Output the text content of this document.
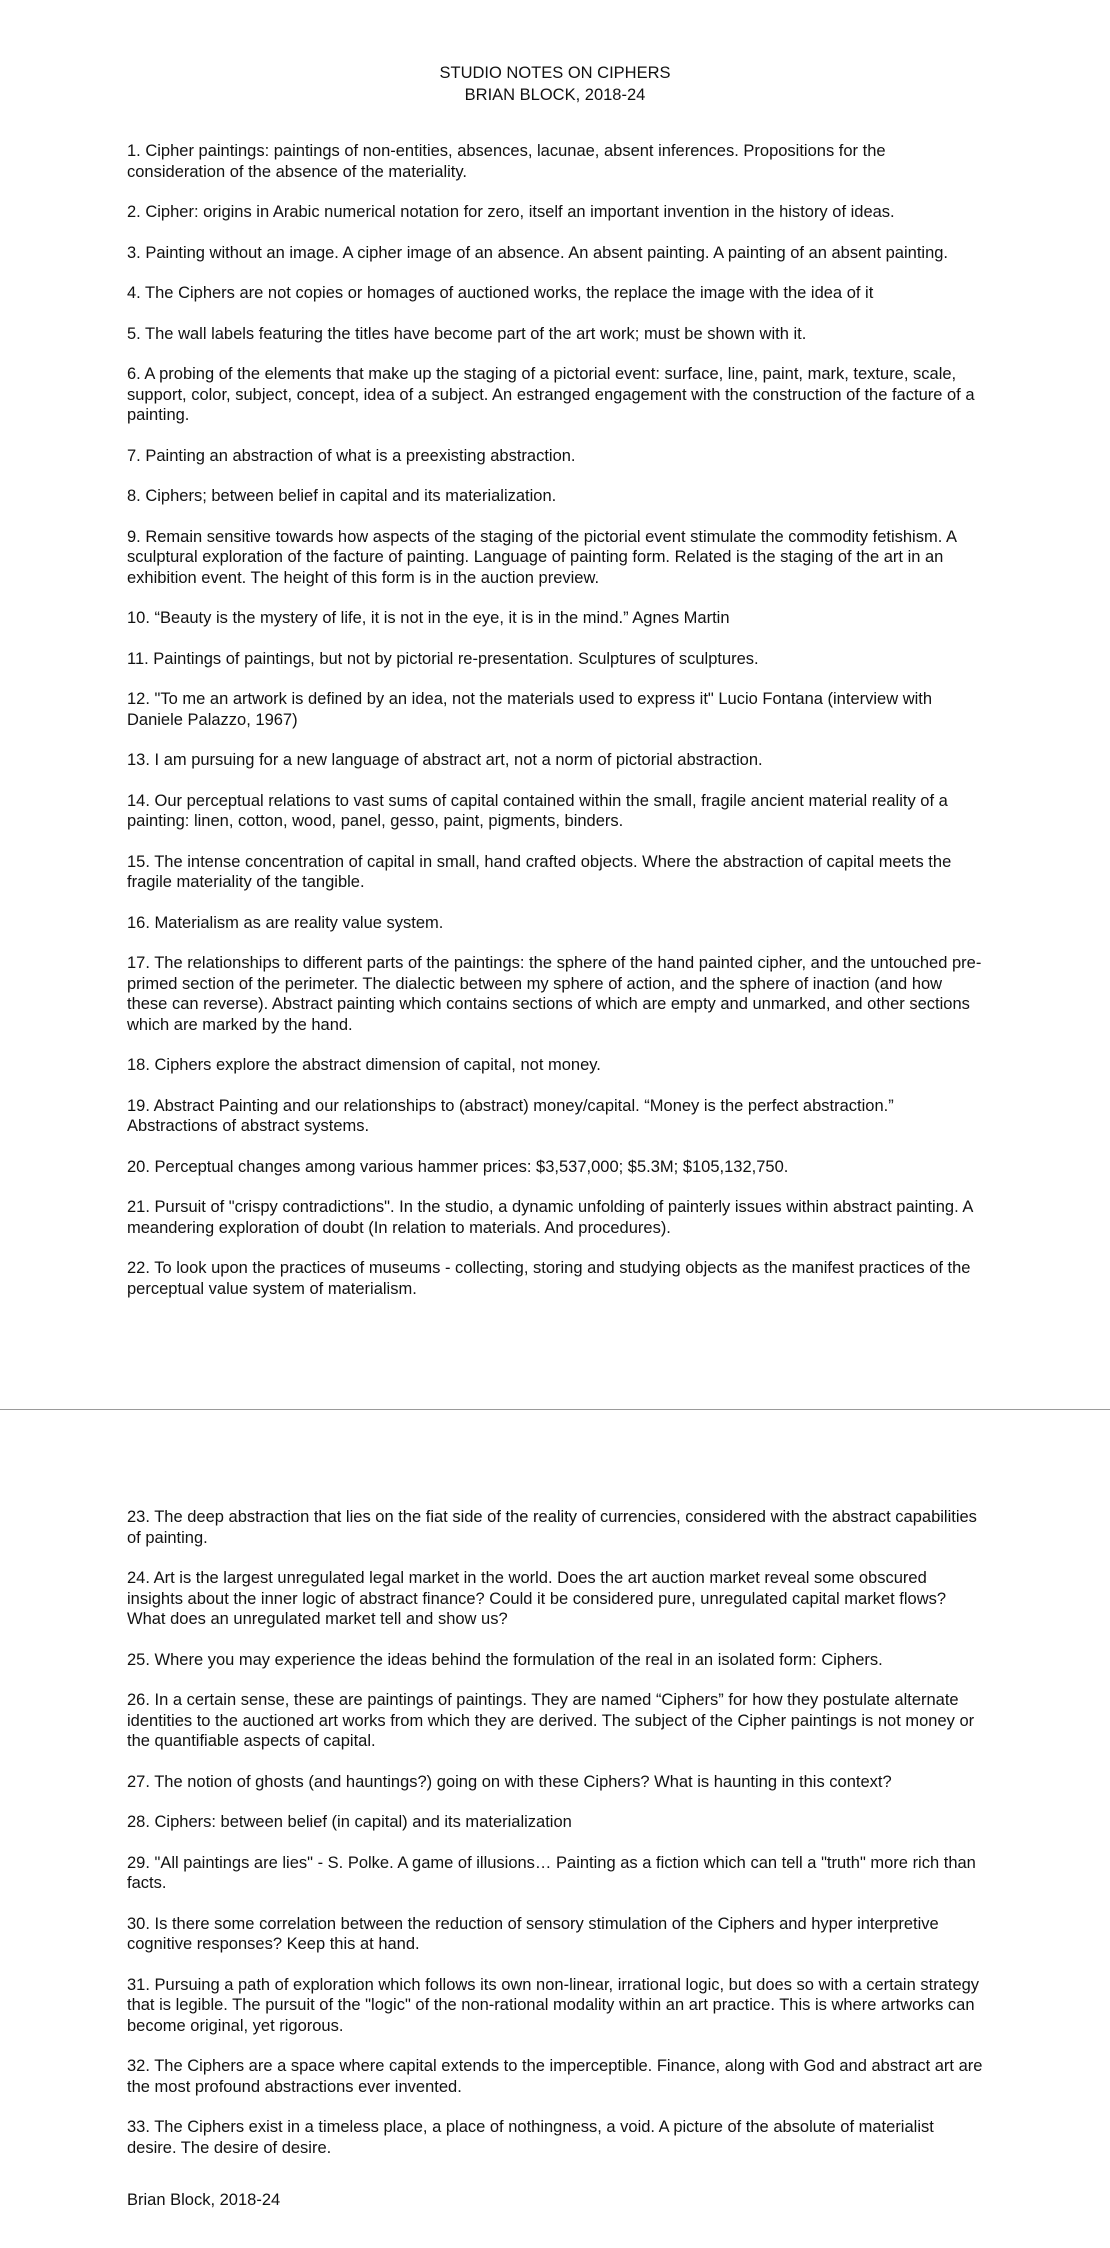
STUDIO NOTES ON CIPHERS
BRIAN BLOCK, 2018-24
1. Cipher paintings: paintings of non-entities, absences, lacunae, absent inferences. Propositions for the consideration of the absence of the materiality.
2. Cipher: origins in Arabic numerical notation for zero, itself an important invention in the history of ideas.
3. Painting without an image. A cipher image of an absence. An absent painting. A painting of an absent painting.
4. The Ciphers are not copies or homages of auctioned works, the replace the image with the idea of it
5. The wall labels featuring the titles have become part of the art work; must be shown with it.
6. A probing of the elements that make up the staging of a pictorial event: surface, line, paint, mark, texture, scale, support, color, subject, concept, idea of a subject. An estranged engagement with the construction of the facture of a painting.
7. Painting an abstraction of what is a preexisting abstraction.
8. Ciphers; between belief in capital and its materialization.
9. Remain sensitive towards how aspects of the staging of the pictorial event stimulate the commodity fetishism. A sculptural exploration of the facture of painting. Language of painting form. Related is the staging of the art in an exhibition event. The height of this form is in the auction preview.
10. “Beauty is the mystery of life, it is not in the eye, it is in the mind.” Agnes Martin
11. Paintings of paintings, but not by pictorial re-presentation. Sculptures of sculptures.
12. "To me an artwork is defined by an idea, not the materials used to express it" Lucio Fontana (interview with Daniele Palazzo, 1967)
13. I am pursuing for a new language of abstract art, not a norm of pictorial abstraction.
14. Our perceptual relations to vast sums of capital contained within the small, fragile ancient material reality of a painting: linen, cotton, wood, panel, gesso, paint, pigments, binders.
15. The intense concentration of capital in small, hand crafted objects. Where the abstraction of capital meets the fragile materiality of the tangible.
16. Materialism as are reality value system.
17. The relationships to different parts of the paintings: the sphere of the hand painted cipher, and the untouched pre-primed section of the perimeter. The dialectic between my sphere of action, and the sphere of inaction (and how these can reverse). Abstract painting which contains sections of which are empty and unmarked, and other sections which are marked by the hand.
18. Ciphers explore the abstract dimension of capital, not money.
19. Abstract Painting and our relationships to (abstract) money/capital. “Money is the perfect abstraction.” Abstractions of abstract systems.
20. Perceptual changes among various hammer prices: $3,537,000; $5.3M; $105,132,750.
21. Pursuit of "crispy contradictions". In the studio, a dynamic unfolding of painterly issues within abstract painting. A meandering exploration of doubt (In relation to materials. And procedures).
22. To look upon the practices of museums - collecting, storing and studying objects as the manifest practices of the perceptual value system of materialism.
23. The deep abstraction that lies on the fiat side of the reality of currencies, considered with the abstract capabilities of painting.
24. Art is the largest unregulated legal market in the world. Does the art auction market reveal some obscured insights about the inner logic of abstract finance? Could it be considered pure, unregulated capital market flows? What does an unregulated market tell and show us?
25. Where you may experience the ideas behind the formulation of the real in an isolated form: Ciphers.
26. In a certain sense, these are paintings of paintings. They are named “Ciphers” for how they postulate alternate identities to the auctioned art works from which they are derived. The subject of the Cipher paintings is not money or the quantifiable aspects of capital.
27. The notion of ghosts (and hauntings?) going on with these Ciphers? What is haunting in this context?
28. Ciphers: between belief (in capital) and its materialization
29. "All paintings are lies" - S. Polke. A game of illusions… Painting as a fiction which can tell a "truth" more rich than facts.
30. Is there some correlation between the reduction of sensory stimulation of the Ciphers and hyper interpretive cognitive responses? Keep this at hand.
31. Pursuing a path of exploration which follows its own non-linear, irrational logic, but does so with a certain strategy that is legible. The pursuit of the "logic" of the non-rational modality within an art practice. This is where artworks can become original, yet rigorous.
32. The Ciphers are a space where capital extends to the imperceptible. Finance, along with God and abstract art are the most profound abstractions ever invented.
33. The Ciphers exist in a timeless place, a place of nothingness, a void. A picture of the absolute of materialist desire. The desire of desire.
Brian Block, 2018-24
